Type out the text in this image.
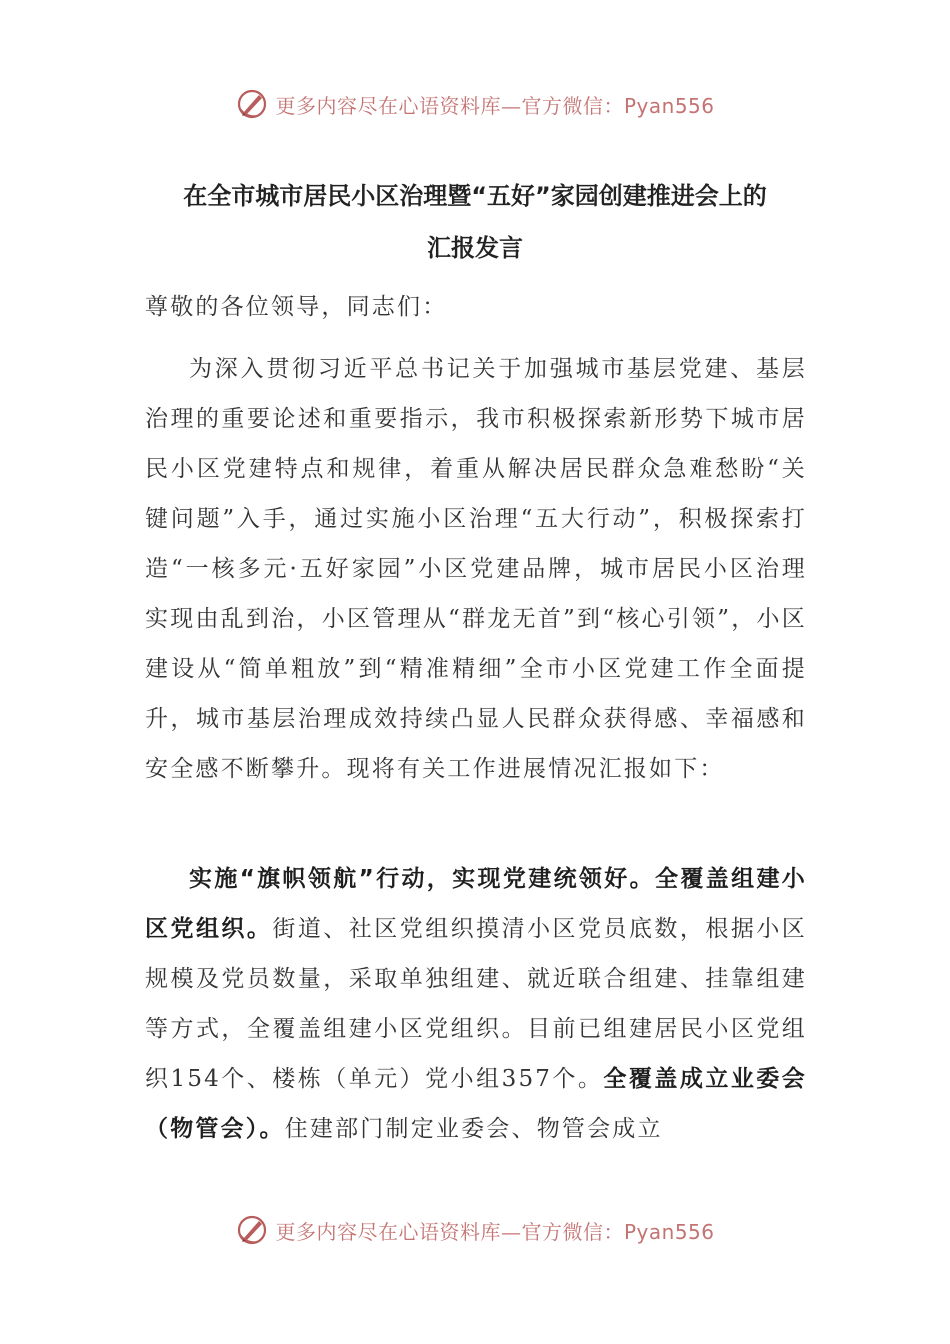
更多内容尽在心语资料库—官方微信：Pyan556
在全市城市居民小区治理暨“五好”家园创建推进会上的
汇报发言

尊敬的各位领导，同志们：

为深入贯彻习近平总书记关于加强城市基层党建、基层治理的重要论述和重要指示，我市积极探索新形势下城市居民小区党建特点和规律，着重从解决居民群众急难愁盼“关键问题”入手，通过实施小区治理“五大行动”，积极探索打造“一核多元·五好家园”小区党建品牌，城市居民小区治理实现由乱到治，小区管理从“群龙无首”到“核心引领”，小区建设从“简单粗放”到“精准精细”全市小区党建工作全面提升，城市基层治理成效持续凸显人民群众获得感、幸福感和安全感不断攀升。现将有关工作进展情况汇报如下：

实施“旗帜领航”行动，实现党建统领好。全覆盖组建小区党组织。街道、社区党组织摸清小区党员底数，根据小区规模及党员数量，采取单独组建、就近联合组建、挂靠组建等方式，全覆盖组建小区党组织。目前已组建居民小区党组织154个、楼栋（单元）党小组357个。全覆盖成立业委会（物管会）。住建部门制定业委会、物管会成立

更多内容尽在心语资料库—官方微信：Pyan556
